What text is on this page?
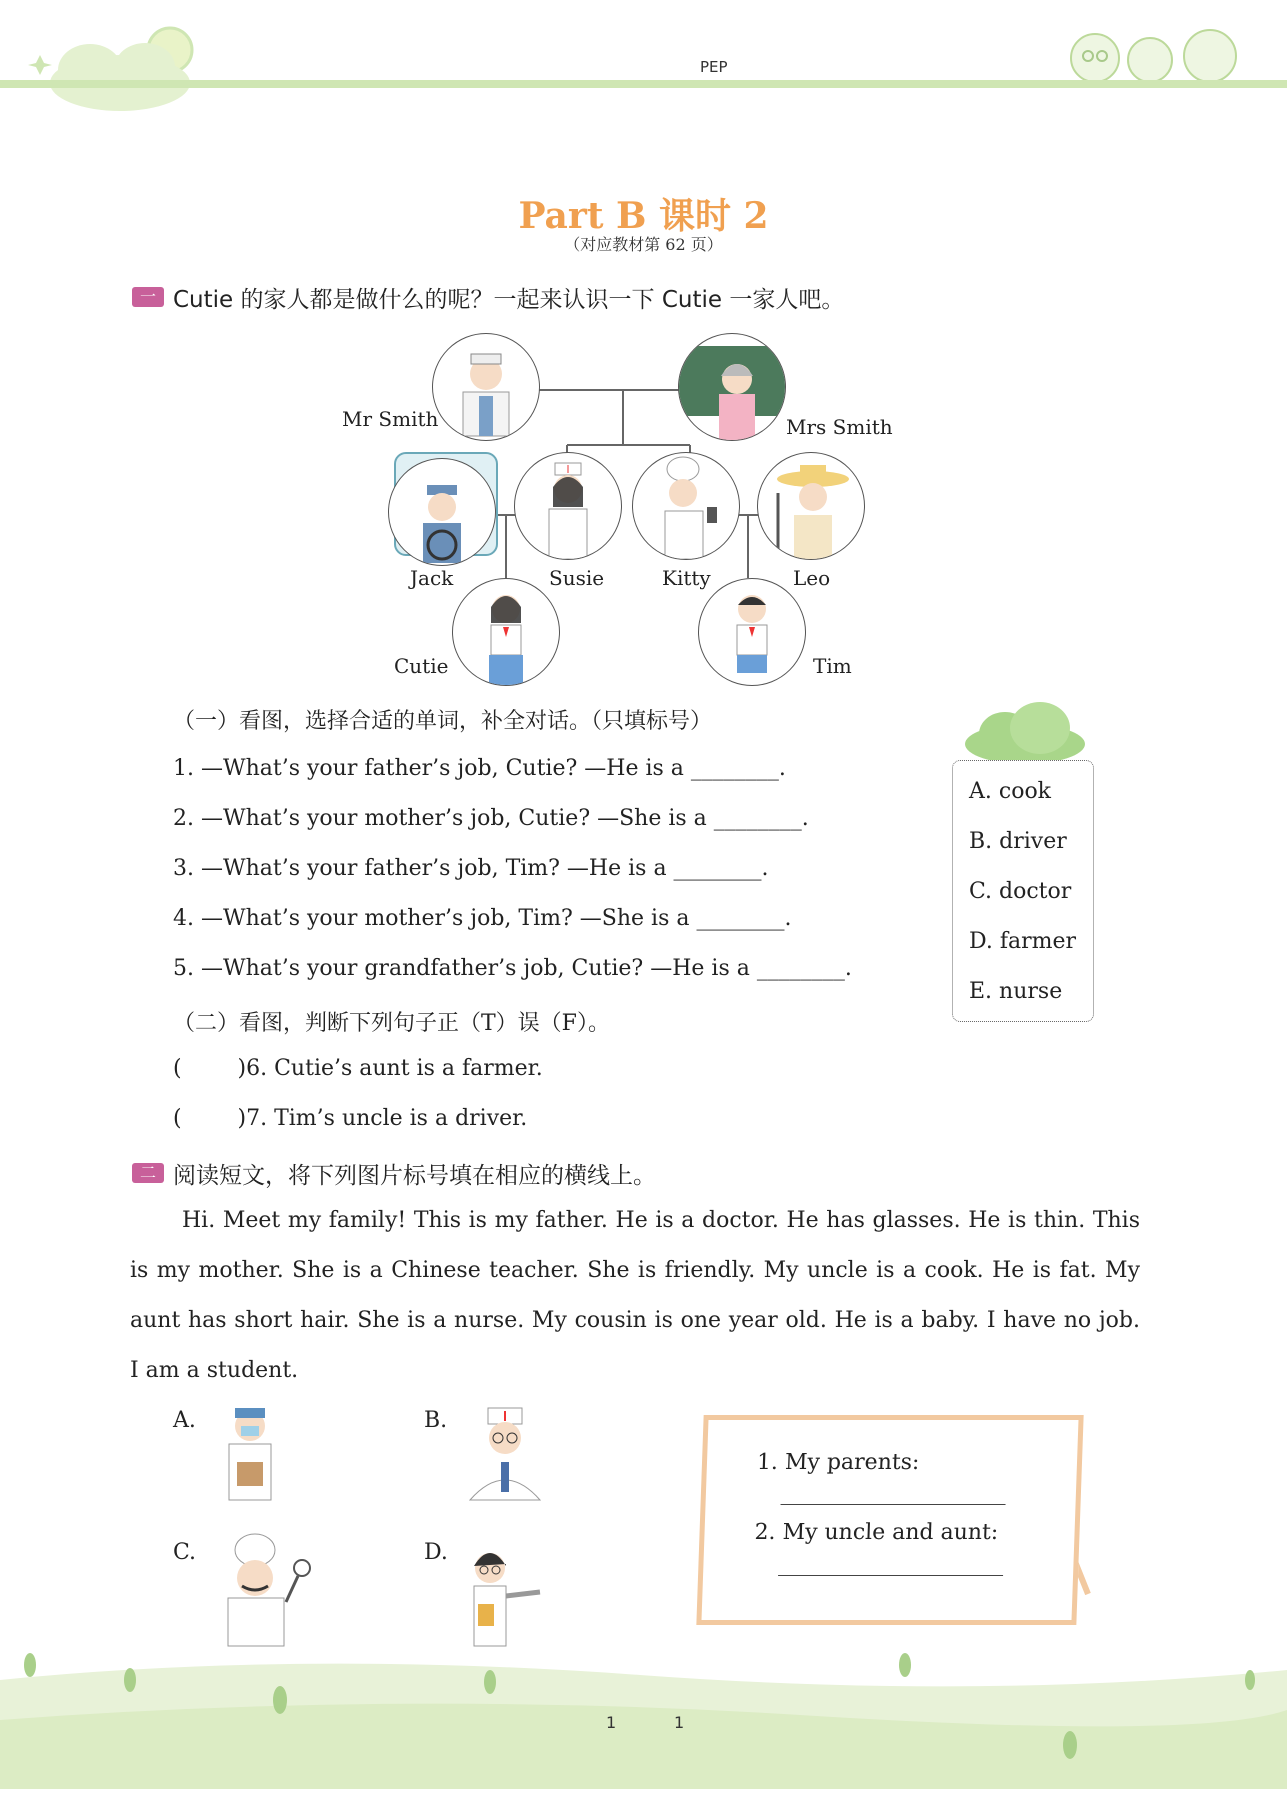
PEP
Part B 课时 2
（对应教材第 62 页）
一 Cutie 的家人都是做什么的呢？一起来认识一下 Cutie 一家人吧。
Mr Smith	Mrs Smith
Jack	Susie	Kitty	Leo
Cutie	Tim
（一）看图，选择合适的单词，补全对话。（只填标号）
1. —What’s your father’s job, Cutie? —He is a ________.
2. —What’s your mother’s job, Cutie? —She is a ________.
3. —What’s your father’s job, Tim? —He is a ________.
4. —What’s your mother’s job, Tim? —She is a ________.
5. —What’s your grandfather’s job, Cutie? —He is a ________.
A. cook
B. driver
C. doctor
D. farmer
E. nurse
（二）看图，判断下列句子正（T）误（F）。
(        )6. Cutie’s aunt is a farmer.
(        )7. Tim’s uncle is a driver.
二 阅读短文，将下列图片标号填在相应的横线上。
Hi. Meet my family! This is my father. He is a doctor. He has glasses. He is thin. This is my mother. She is a Chinese teacher. She is friendly. My uncle is a cook. He is fat. My aunt has short hair. She is a nurse. My cousin is one year old. He is a baby. I have no job. I am a student.
A.	B.
C.	D.
1. My parents:
2. My uncle and aunt:
1	1
